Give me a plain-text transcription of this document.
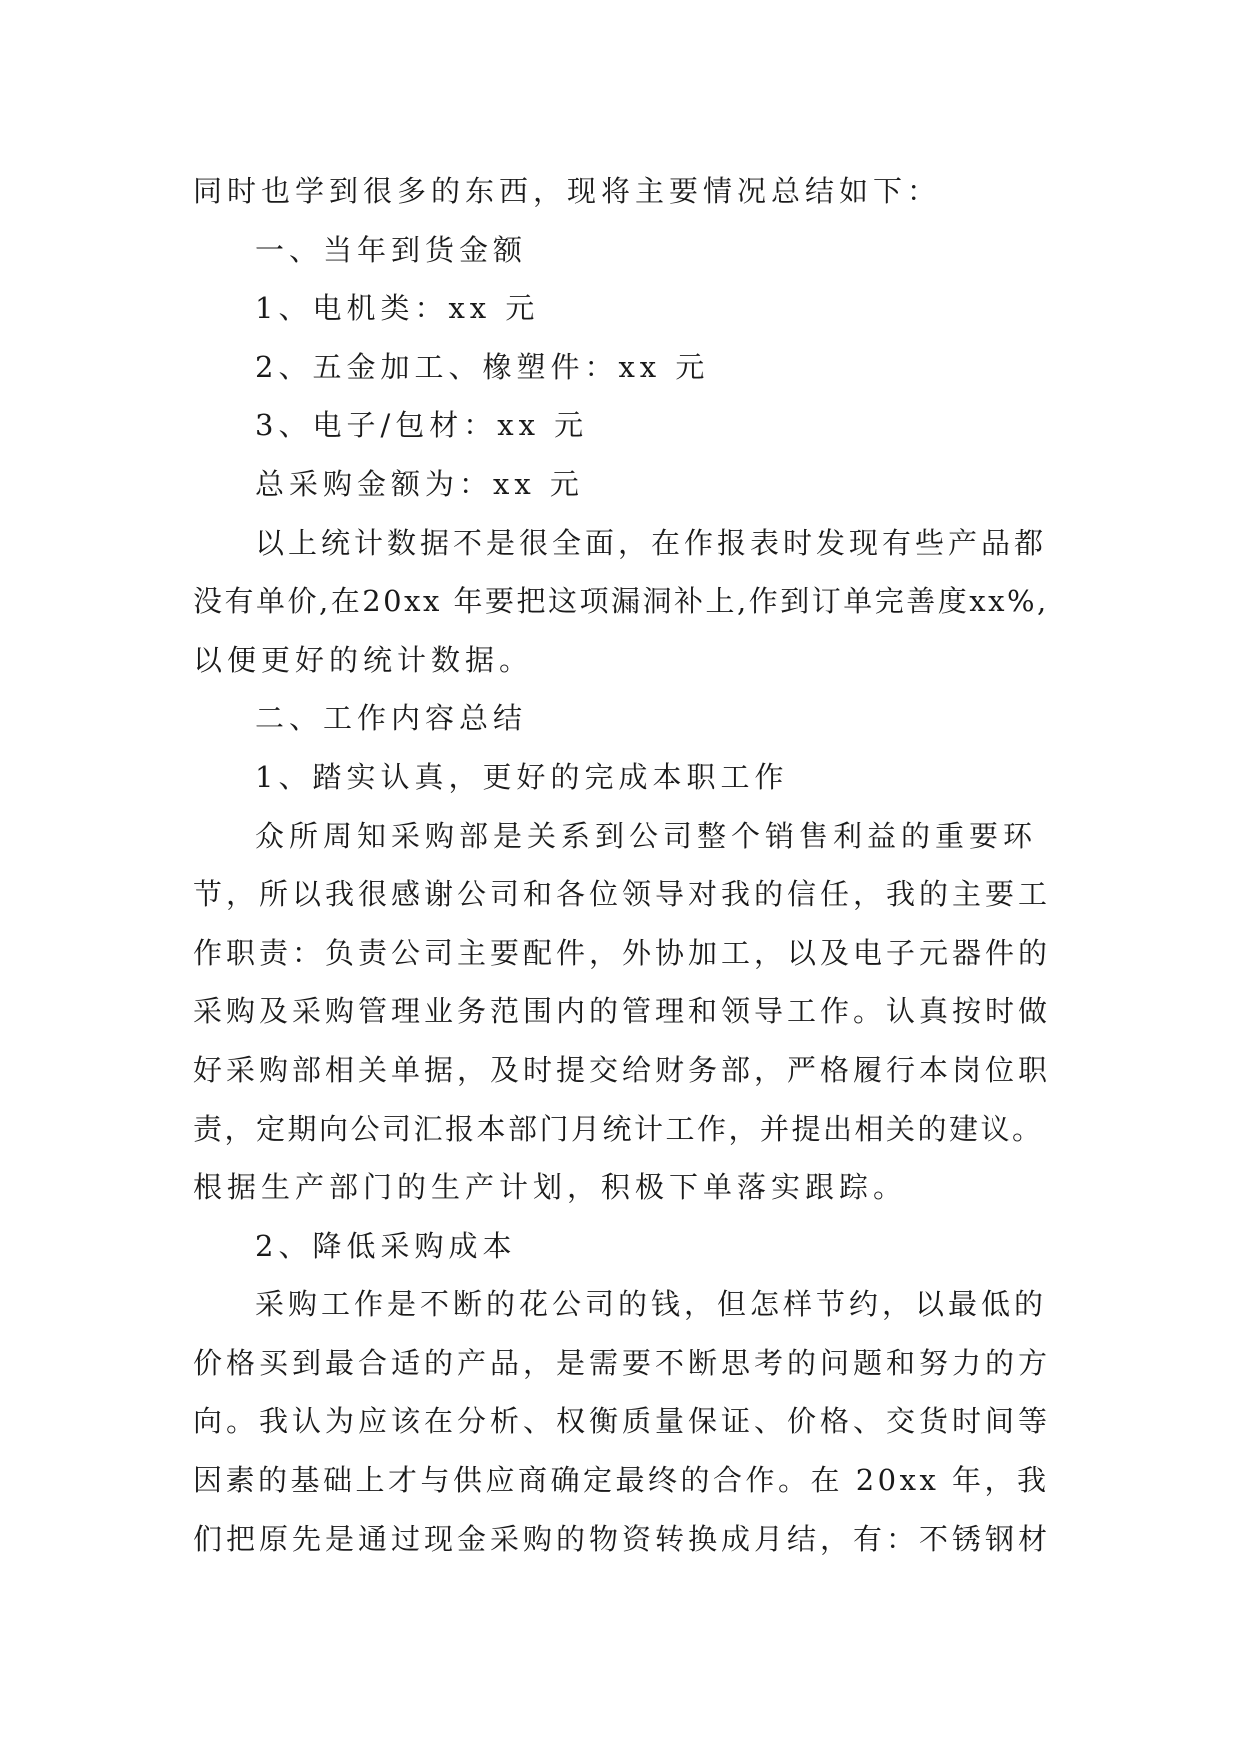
同时也学到很多的东西，现将主要情况总结如下：
一、当年到货金额
1、电机类：xx 元
2、五金加工、橡塑件：xx 元
3、电子/包材：xx 元
总采购金额为：xx 元
以上统计数据不是很全面，在作报表时发现有些产品都
没有单价,在20xx 年要把这项漏洞补上,作到订单完善度xx%,
以便更好的统计数据。
二、工作内容总结
1、踏实认真，更好的完成本职工作
众所周知采购部是关系到公司整个销售利益的重要环
节，所以我很感谢公司和各位领导对我的信任，我的主要工
作职责：负责公司主要配件，外协加工，以及电子元器件的
采购及采购管理业务范围内的管理和领导工作。认真按时做
好采购部相关单据，及时提交给财务部，严格履行本岗位职
责，定期向公司汇报本部门月统计工作，并提出相关的建议。
根据生产部门的生产计划，积极下单落实跟踪。
2、降低采购成本
采购工作是不断的花公司的钱，但怎样节约，以最低的
价格买到最合适的产品，是需要不断思考的问题和努力的方
向。我认为应该在分析、权衡质量保证、价格、交货时间等
因素的基础上才与供应商确定最终的合作。在 20xx 年，我
们把原先是通过现金采购的物资转换成月结，有：不锈钢材
